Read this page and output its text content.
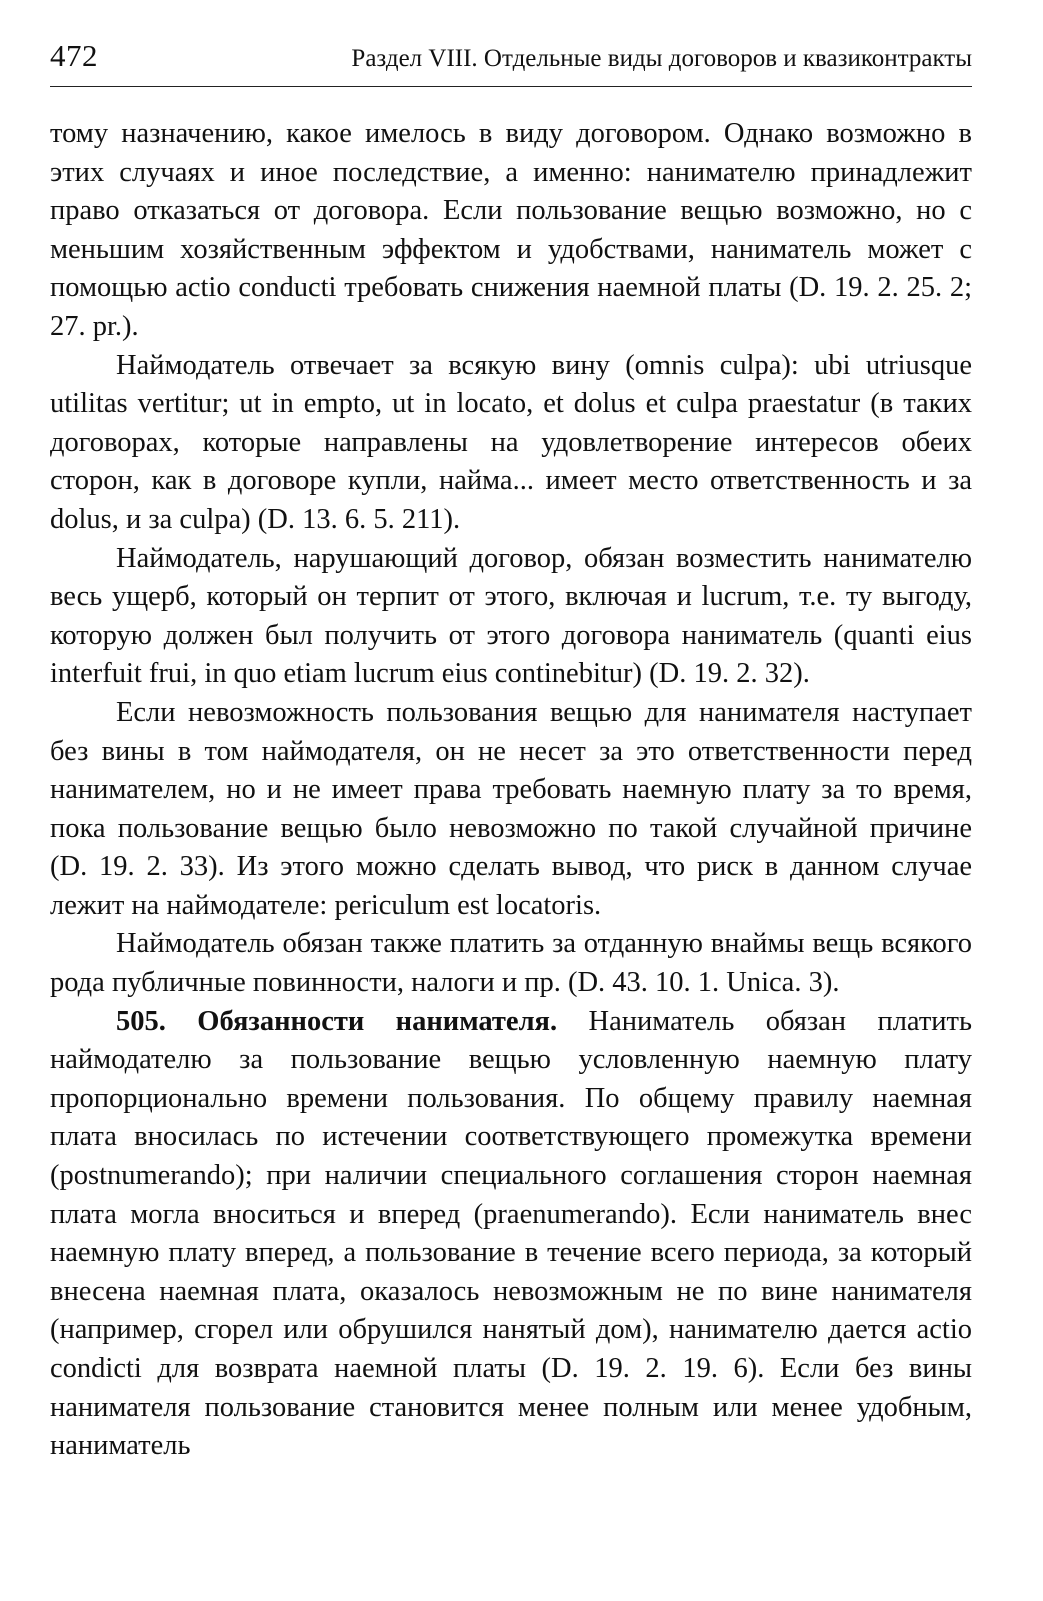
472	Раздел VIII. Отдельные виды договоров и квазиконтракты

тому назначению, какое имелось в виду договором. Однако возможно в этих случаях и иное последствие, а именно: нанимателю принадлежит право отказаться от договора. Если пользование вещью возможно, но с меньшим хозяйственным эффектом и удобствами, наниматель может с помощью actio conducti требовать снижения наемной платы (D. 19. 2. 25. 2; 27. pr.).

Наймодатель отвечает за всякую вину (omnis culpa): ubi utriusque utilitas vertitur; ut in empto, ut in locato, et dolus et culpa praestatur (в таких договорах, которые направлены на удовлетворение интересов обеих сторон, как в договоре купли, найма... имеет место ответственность и за dolus, и за culpa) (D. 13. 6. 5. 211).

Наймодатель, нарушающий договор, обязан возместить нанимателю весь ущерб, который он терпит от этого, включая и lucrum, т.е. ту выгоду, которую должен был получить от этого договора наниматель (quanti eius interfuit frui, in quo etiam lucrum eius continebitur) (D. 19. 2. 32).

Если невозможность пользования вещью для нанимателя наступает без вины в том наймодателя, он не несет за это ответственности перед нанимателем, но и не имеет права требовать наемную плату за то время, пока пользование вещью было невозможно по такой случайной причине (D. 19. 2. 33). Из этого можно сделать вывод, что риск в данном случае лежит на наймодателе: periculum est locatoris.

Наймодатель обязан также платить за отданную внаймы вещь всякого рода публичные повинности, налоги и пр. (D. 43. 10. 1. Unica. 3).

505. Обязанности нанимателя. Наниматель обязан платить наймодателю за пользование вещью условленную наемную плату пропорционально времени пользования. По общему правилу наемная плата вносилась по истечении соответствующего промежутка времени (postnumerando); при наличии специального соглашения сторон наемная плата могла вноситься и вперед (praenumerando). Если наниматель внес наемную плату вперед, а пользование в течение всего периода, за который внесена наемная плата, оказалось невозможным не по вине нанимателя (например, сгорел или обрушился нанятый дом), нанимателю дается actio condicti для возврата наемной платы (D. 19. 2. 19. 6). Если без вины нанимателя пользование становится менее полным или менее удобным, наниматель
